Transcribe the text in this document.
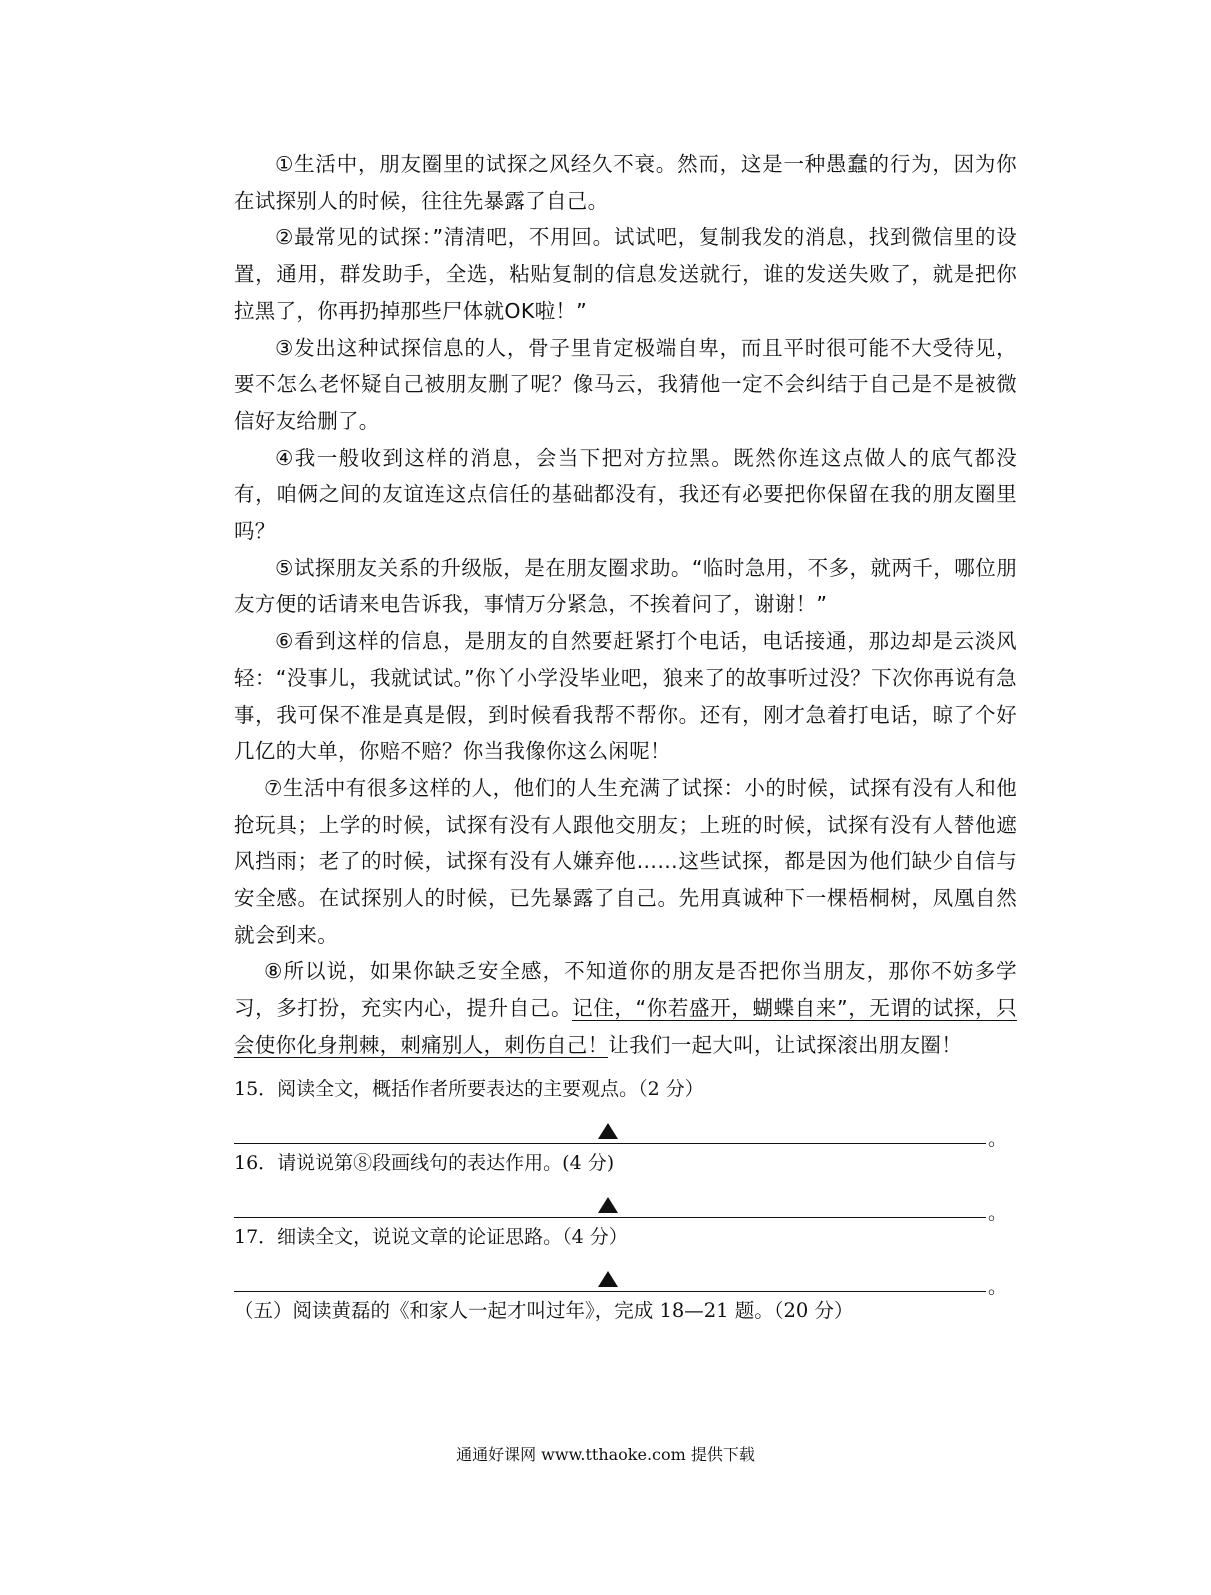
①生活中，朋友圈里的试探之风经久不衰。然而，这是一种愚蠢的行为，因为你在试探别人的时候，往往先暴露了自己。

②最常见的试探：”清清吧，不用回。试试吧，复制我发的消息，找到微信里的设置，通用，群发助手，全选，粘贴复制的信息发送就行，谁的发送失败了，就是把你拉黑了，你再扔掉那些尸体就OK啦！”

③发出这种试探信息的人，骨子里肯定极端自卑，而且平时很可能不大受待见，要不怎么老怀疑自己被朋友删了呢？像马云，我猜他一定不会纠结于自己是不是被微信好友给删了。

④我一般收到这样的消息，会当下把对方拉黑。既然你连这点做人的底气都没有，咱俩之间的友谊连这点信任的基础都没有，我还有必要把你保留在我的朋友圈里吗？

⑤试探朋友关系的升级版，是在朋友圈求助。“临时急用，不多，就两千，哪位朋友方便的话请来电告诉我，事情万分紧急，不挨着问了，谢谢！”

⑥看到这样的信息，是朋友的自然要赶紧打个电话，电话接通，那边却是云淡风轻：“没事儿，我就试试。”你丫小学没毕业吧，狼来了的故事听过没？下次你再说有急事，我可保不准是真是假，到时候看我帮不帮你。还有，刚才急着打电话，晾了个好几亿的大单，你赔不赔？你当我像你这么闲呢！

⑦生活中有很多这样的人，他们的人生充满了试探：小的时候，试探有没有人和他抢玩具；上学的时候，试探有没有人跟他交朋友；上班的时候，试探有没有人替他遮风挡雨；老了的时候，试探有没有人嫌弃他……这些试探，都是因为他们缺少自信与安全感。在试探别人的时候，已先暴露了自己。先用真诚种下一棵梧桐树，凤凰自然就会到来。

⑧所以说，如果你缺乏安全感，不知道你的朋友是否把你当朋友，那你不妨多学习，多打扮，充实内心，提升自己。记住，“你若盛开，蝴蝶自来”，无谓的试探，只会使你化身荆棘，刺痛别人，刺伤自己！让我们一起大叫，让试探滚出朋友圈！

15．阅读全文，概括作者所要表达的主要观点。（2 分）

。

16．请说说第⑧段画线句的表达作用。(4 分)

。

17．细读全文，说说文章的论证思路。（4 分）

。
（五）阅读黄磊的《和家人一起才叫过年》，完成 18—21 题。（20 分）
通通好课网 www.tthaoke.com 提供下载
